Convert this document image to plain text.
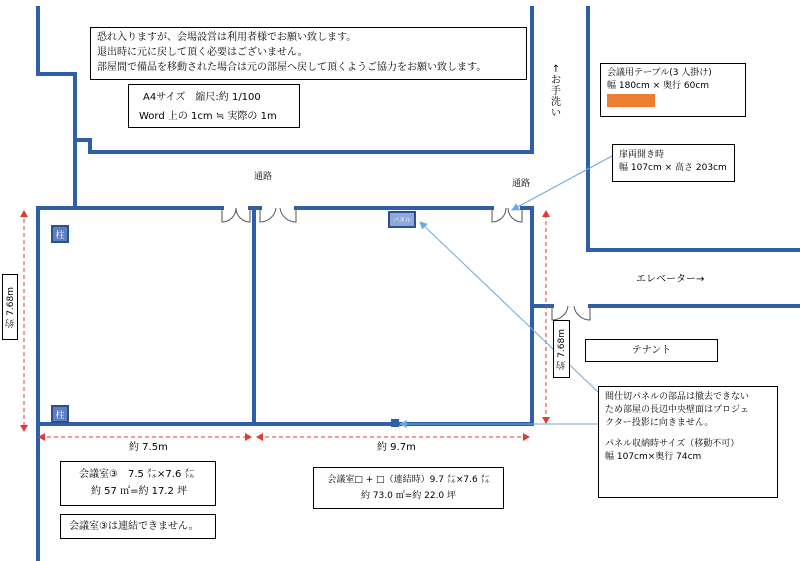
恐れ入りますが、会場設営は利用者様でお願い致します。
退出時に元に戻して頂く必要はございません。
部屋間で備品を移動された場合は元の部屋へ戻して頂くようご協力をお願い致します。
A4サイズ　縮尺:約 1/100
Word 上の 1cm ≒ 実際の 1m
↑お手洗い
会議用テーブル(3 人掛け)
幅 180cm × 奥行 60cm
扉両開き時
幅 107cm × 高さ 203cm
通路
通路
エレベーター→
テナント
柱
柱
パネル
約 7.68m
約 7.68m
約 7.5m	約 9.7m
間仕切パネルの部品は撤去できない
ため部屋の長辺中央壁面はプロジェ
クター投影に向きません。
パネル収納時サイズ（移動不可）
幅 107cm×奥行 74cm
会議室③　7.5 ㍍×7.6 ㍍
約 57 ㎡=約 17.2 坪
会議室③は連結できません。
会議室□ + □（連結時）9.7 ㍍×7.6 ㍍
約 73.0 ㎡=約 22.0 坪
